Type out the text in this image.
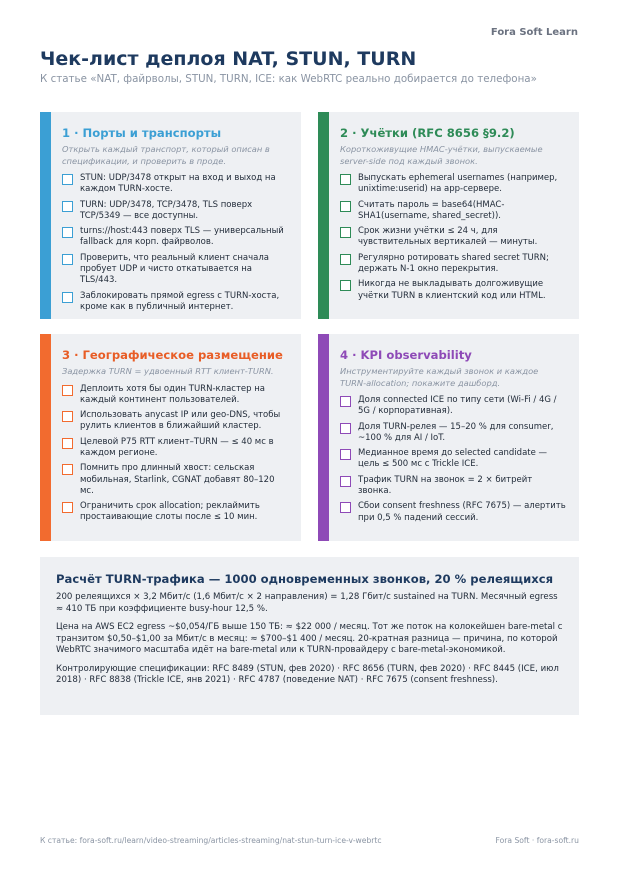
Fora Soft Learn
Чек-лист деплоя NAT, STUN, TURN
К статье «NAT, файрволы, STUN, TURN, ICE: как WebRTC реально добирается до телефона»
1 · Порты и транспорты
Открыть каждый транспорт, который описан в спецификации, и проверить в проде.
STUN: UDP/3478 открыт на вход и выход на каждом TURN-хосте.
TURN: UDP/3478, TCP/3478, TLS поверх TCP/5349 — все доступны.
turns://host:443 поверх TLS — универсальный fallback для корп. файрволов.
Проверить, что реальный клиент сначала пробует UDP и чисто откатывается на TLS/443.
Заблокировать прямой egress с TURN-хоста, кроме как в публичный интернет.
2 · Учётки (RFC 8656 §9.2)
Короткоживущие HMAC-учётки, выпускаемые server-side под каждый звонок.
Выпускать ephemeral usernames (например, unixtime:userid) на app-сервере.
Считать пароль = base64(HMAC-SHA1(username, shared_secret)).
Срок жизни учётки ≤ 24 ч, для чувствительных вертикалей — минуты.
Регулярно ротировать shared secret TURN; держать N-1 окно перекрытия.
Никогда не выкладывать долгоживущие учётки TURN в клиентский код или HTML.
3 · Географическое размещение
Задержка TURN = удвоенный RTT клиент-TURN.
Деплоить хотя бы один TURN-кластер на каждый континент пользователей.
Использовать anycast IP или geo-DNS, чтобы рулить клиентов в ближайший кластер.
Целевой P75 RTT клиент–TURN — ≤ 40 мс в каждом регионе.
Помнить про длинный хвост: сельская мобильная, Starlink, CGNAT добавят 80–120 мс.
Ограничить срок allocation; реклаймить простаивающие слоты после ≤ 10 мин.
4 · KPI observability
Инструментируйте каждый звонок и каждое TURN-allocation; покажите дашборд.
Доля connected ICE по типу сети (Wi-Fi / 4G / 5G / корпоративная).
Доля TURN-релея — 15–20 % для consumer, ~100 % для AI / IoT.
Медианное время до selected candidate — цель ≤ 500 мс с Trickle ICE.
Трафик TURN на звонок = 2 × битрейт звонка.
Сбои consent freshness (RFC 7675) — алертить при 0,5 % падений сессий.
Расчёт TURN-трафика — 1000 одновременных звонков, 20 % релеящихся

200 релеящихся × 3,2 Мбит/с (1,6 Мбит/с × 2 направления) = 1,28 Гбит/с sustained на TURN. Месячный egress ≈ 410 ТБ при коэффициенте busy-hour 12,5 %.

Цена на AWS EC2 egress ~$0,054/ГБ выше 150 ТБ: ≈ $22 000 / месяц. Тот же поток на колокейшен bare-metal с транзитом $0,50–$1,00 за Мбит/с в месяц: ≈ $700–$1 400 / месяц. 20-кратная разница — причина, по которой WebRTC значимого масштаба идёт на bare-metal или к TURN-провайдеру с bare-metal-экономикой.

Контролирующие спецификации: RFC 8489 (STUN, фев 2020) · RFC 8656 (TURN, фев 2020) · RFC 8445 (ICE, июл 2018) · RFC 8838 (Trickle ICE, янв 2021) · RFC 4787 (поведение NAT) · RFC 7675 (consent freshness).

К статье: fora-soft.ru/learn/video-streaming/articles-streaming/nat-stun-turn-ice-v-webrtc	Fora Soft · fora-soft.ru
